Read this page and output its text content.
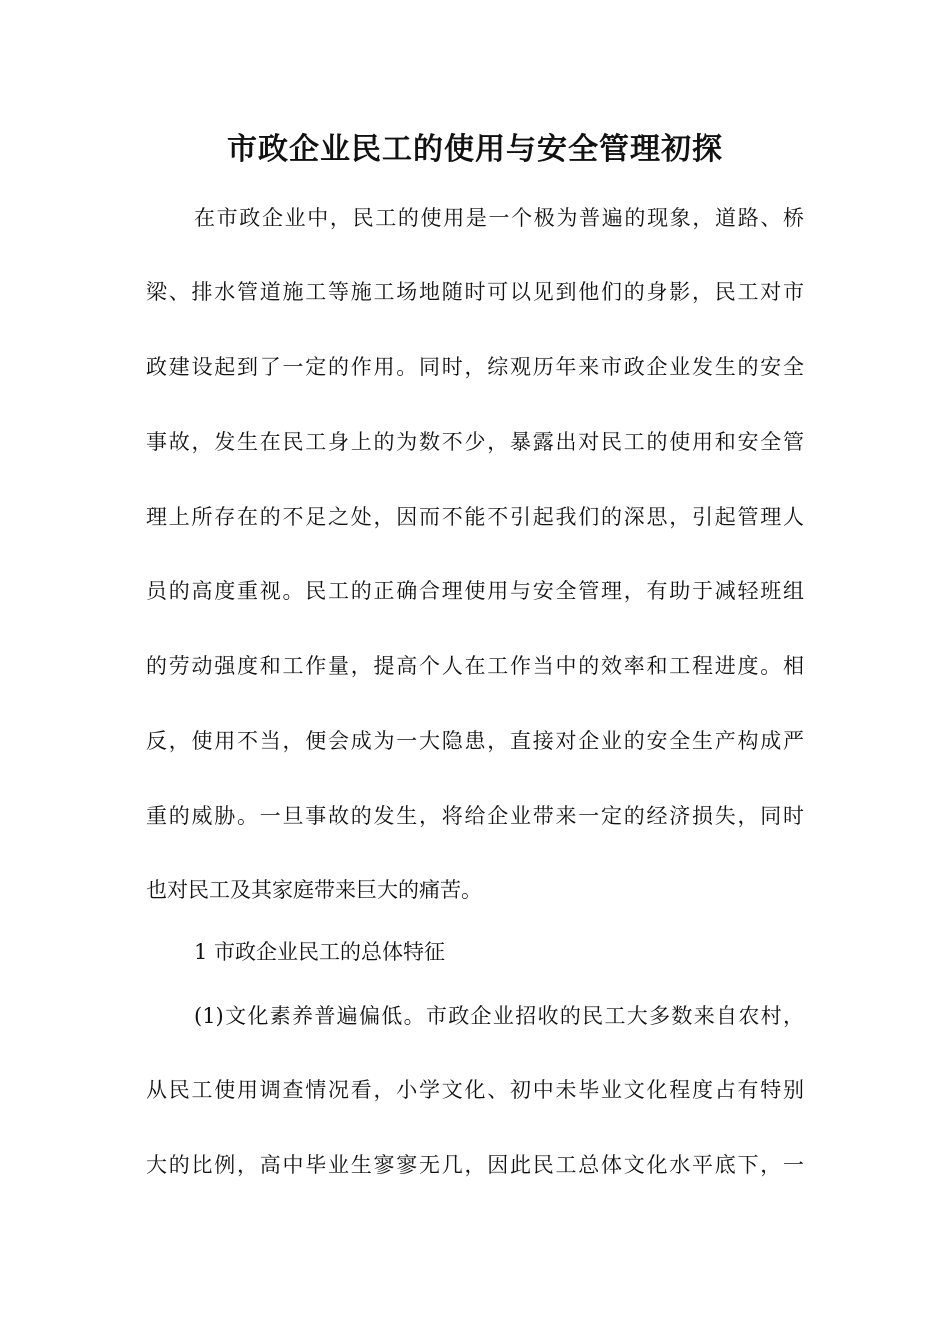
市政企业民工的使用与安全管理初探

在市政企业中，民工的使用是一个极为普遍的现象，道路、桥

梁、排水管道施工等施工场地随时可以见到他们的身影，民工对市

政建设起到了一定的作用。同时，综观历年来市政企业发生的安全

事故，发生在民工身上的为数不少，暴露出对民工的使用和安全管

理上所存在的不足之处，因而不能不引起我们的深思，引起管理人

员的高度重视。民工的正确合理使用与安全管理，有助于减轻班组

的劳动强度和工作量，提高个人在工作当中的效率和工程进度。相

反，使用不当，便会成为一大隐患，直接对企业的安全生产构成严

重的威胁。一旦事故的发生，将给企业带来一定的经济损失，同时

也对民工及其家庭带来巨大的痛苦。

1 市政企业民工的总体特征

(1)文化素养普遍偏低。市政企业招收的民工大多数来自农村，

从民工使用调查情况看，小学文化、初中未毕业文化程度占有特别

大的比例，高中毕业生寥寥无几，因此民工总体文化水平底下，一
